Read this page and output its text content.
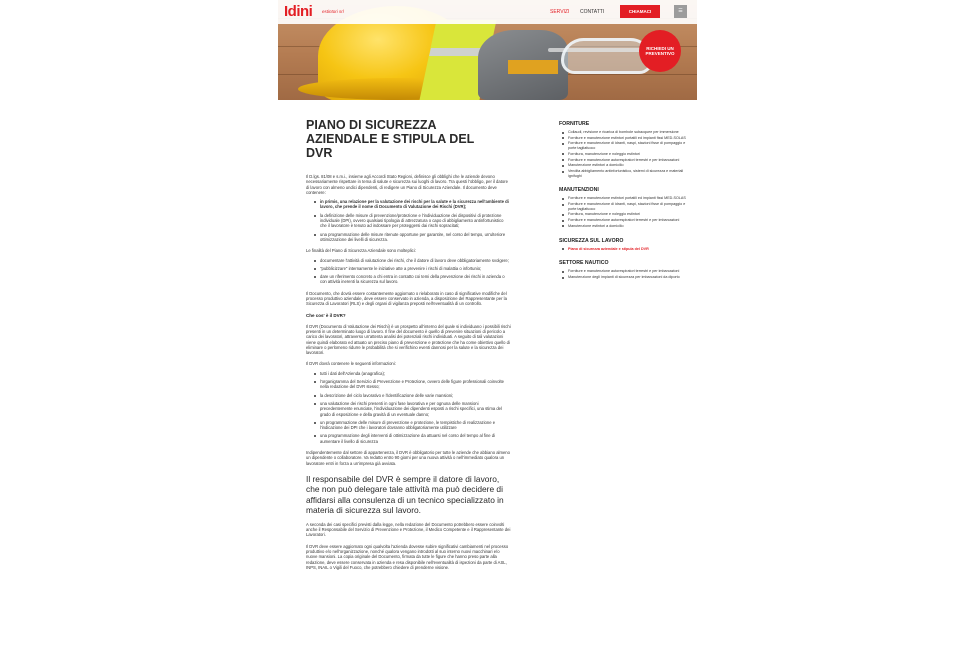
Idini estintori srl	SERVIZI CONTATTI	CHIAMACI	☰
RICHIEDI UN PREVENTIVO
PIANO DI SICUREZZA AZIENDALE E STIPULA DEL DVR

Il D.lgs. 81/08 e s.m.i., insieme agli Accordi Stato Regioni, definisce gli obblighi che le aziende devono necessariamente rispettare in tema di salute e sicurezza sui luoghi di lavoro. Tra questi l'obbligo, per il datore di lavoro con almeno undici dipendenti, di redigere un Piano di Sicurezza Aziendale. Il documento deve contenere:

in primis, una relazione per la valutazione dei rischi per la salute e la sicurezza nell'ambiente di lavoro, che prende il nome di Documento di Valutazione dei Rischi (DVR);
la definizione delle misure di prevenzione/protezione e l'individuazione dei dispositivi di protezione individuale (DPI), ovvero qualsiasi tipologia di attrezzatura o capo di abbigliamento antinfortunistico che il lavoratore è tenuto ad indossare per proteggersi dai rischi sopracitati;
una programmazione delle misure ritenute opportune per garantire, nel corso del tempo, un'ulteriore ottimizzazione dei livelli di sicurezza.

Le finalità del Piano di Sicurezza Aziendale sono molteplici:

documentare l'attività di valutazione dei rischi, che il datore di lavoro deve obbligatoriamente svolgere;
"pubblicizzare" internamente le iniziative atte a prevenire i rischi di malattia o infortunio;
dare un riferimento concreto a chi entra in contatto coi temi della prevenzione dei rischi in azienda o con attività inerenti la sicurezza sul lavoro.

Il Documento, che dovrà essere costantemente aggiornato o rielaborato in caso di significative modifiche del processo produttivo aziendale, deve essere conservato in azienda, a disposizione del Rappresentante per la Sicurezza di Lavoratori (RLS) e degli organi di vigilanza preposti nell'eventualità di un controllo.

Che cos' è il DVR?

Il DVR (Documento di Valutazione dei Rischi) è un prospetto all'interno del quale si individuano i possibili rischi presenti in un determinato luogo di lavoro. Il fine del documento è quello di prevenire situazioni di pericolo a carico dei lavoratori, attraverso un'attenta analisi dei potenziali rischi individuati. A seguito di tali valutazioni viene quindi elaborato ed attuato un preciso piano di prevenzione e protezione che ha come obiettivo quello di eliminare o perlomeno ridurre le probabilità che si verifichino eventi dannosi per la salute e la sicurezza dei lavoratori.

Il DVR dovrà contenere le seguenti informazioni:

tutti i dati dell'Azienda (anagrafica);
l'organigramma del Servizio di Prevenzione e Protezione, ovvero delle figure professionali coinvolte nella redazione del DVR stesso;
la descrizione del ciclo lavorativo e l'identificazione delle varie mansioni;
una valutazione dei rischi presenti in ogni fase lavorativa e per ognuna delle mansioni precedentemente enunciate, l'individuazione dei dipendenti esposti a rischi specifici, una stima del grado di esposizione e della gravità di un eventuale danno;
un programmazione delle misure di prevenzione e protezione, le tempistiche di realizzazione e l'indicazione dei DPI che i lavoratori dovranno obbligatoriamente utilizzare
una programmazione degli interventi di ottimizzazione da attuarsi nel corso del tempo al fine di aumentare il livello di sicurezza

Indipendentemente dal settore di appartenenza, il DVR è obbligatorio per tutte le aziende che abbiano almeno un dipendente o collaboratore. Va redatto entro 90 giorni per una nuova attività o nell'immediato qualora un lavoratore entri in forza a un'impresa già avviata.

Il responsabile del DVR è sempre il datore di lavoro, che non può delegare tale attività ma può decidere di affidarsi alla consulenza di un tecnico specializzato in materia di sicurezza sul lavoro.

A seconda dei casi specifici previsti dalla legge, nella redazione del Documento potrebbero essere coinvolti anche il Responsabile del Servizio di Prevenzione e Protezione, il Medico Competente e il Rappresentante dei Lavoratori.

Il DVR deve essere aggiornato ogni qualvolta l'azienda dovesse subire significativi cambiamenti nel processo produttivo e/o nell'organizzazione, nonché qualora vengano introdotti al suo interno nuovi macchinari e/o nuove mansioni. La copia originale del Documento, firmata da tutte le figure che hanno preso parte alla redazione, deve essere conservata in azienda e resa disponibile nell'eventualità di ispezioni da parte di ASL, INPS, INAIL o Vigili del Fuoco, che potrebbero chiedere di prenderne visione.

FORNITURE
Collaudi, revisione e ricarica di bombole subacquee per immersione
Forniture e manutenzione estintori portatili ed impianti fissi MED-SOLAS
Forniture e manutenzione di idranti, naspi, stazioni fisse di pompaggio e porte tagliafuoco
Fornitura, manutenzione e noleggio estintori
Forniture e manutenzione autorespiratori terrestri e per imbarcazioni
Manutenzione estintori a domicilio
Vendita abbigliamento antinfortunistico, sistemi di sicurezza e materiali ignifughi
MANUTENZIONI
Forniture e manutenzione estintori portatili ed impianti fissi MED-SOLAS
Forniture e manutenzione di idranti, naspi, stazioni fisse di pompaggio e porte tagliafuoco
Fornitura, manutenzione e noleggio estintori
Forniture e manutenzione autorespiratori terrestri e per imbarcazioni
Manutenzione estintori a domicilio
SICUREZZA SUL LAVORO
Piano di sicurezza aziendale e stipula del DVR
SETTORE NAUTICO
Forniture e manutenzione autorespiratori terrestri e per imbarcazioni
Manutenzione degli impianti di sicurezza per imbarcazioni da diporto
